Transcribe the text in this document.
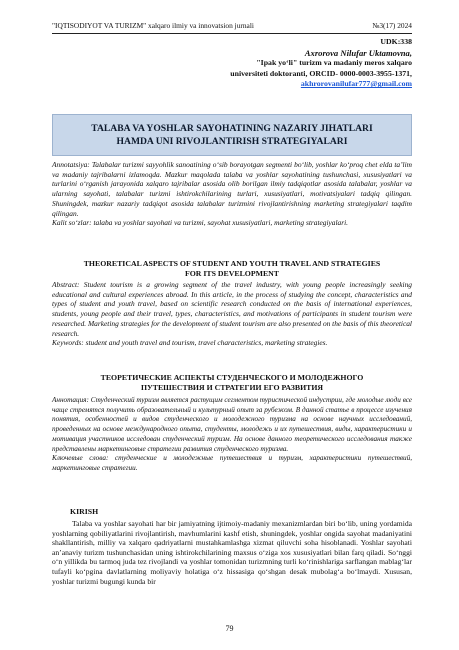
"IQTISODIYOT VA TURIZM" xalqaro ilmiy va innovatsion jurnali	№3(17) 2024
UDK:338
Axrorova Nilufar Uktamovna,
"Ipak yo‘li" turizm va madaniy meros xalqaro
universiteti doktoranti, ORCID- 0000-0003-3955-1371,
akhrorovanilufar777@gmail.com
TALABA VA YOSHLAR SAYOHATINING NAZARIY JIHATLARI
HAMDA UNI RIVOJLANTIRISH STRATEGIYALARI

Annotatsiya: Talabalar turizmi sayyohlik sanoatining o‘sib borayotgan segmenti bo‘lib, yoshlar ko‘proq chet elda ta’lim va madaniy tajribalarni izlamoqda. Mazkur maqolada talaba va yoshlar sayohatining tushunchasi, xususiyatlari va turlarini o‘rganish jarayonida xalqaro tajribalar asosida olib borilgan ilmiy tadqiqotlar asosida talabalar, yoshlar va ularning sayohati, talabalar turizmi ishtirokchilarining turlari, xususiyatlari, motivatsiyalari tadqiq qilingan. Shuningdek, mazkur nazariy tadqiqot asosida talabalar turizmini rivojlantirishning marketing strategiyalari taqdim qilingan.

Kalit so‘zlar: talaba va yoshlar sayohati va turizmi, sayohat xususiyatlari, marketing strategiyalari.

THEORETICAL ASPECTS OF STUDENT AND YOUTH TRAVEL AND STRATEGIES
FOR ITS DEVELOPMENT

Abstract: Student tourism is a growing segment of the travel industry, with young people increasingly seeking educational and cultural experiences abroad. In this article, in the process of studying the concept, characteristics and types of student and youth travel, based on scientific research conducted on the basis of international experiences, students, young people and their travel, types, characteristics, and motivations of participants in student tourism were researched. Marketing strategies for the development of student tourism are also presented on the basis of this theoretical research.

Keywords: student and youth travel and tourism, travel characteristics, marketing strategies.

ТЕОРЕТИЧЕСКИЕ АСПЕКТЫ СТУДЕНЧЕСКОГО И МОЛОДЕЖНОГО
ПУТЕШЕСТВИЯ И СТРАТЕГИИ ЕГО РАЗВИТИЯ

Аннотация: Студенческий туризм является растущим сегментом туристической индустрии, где молодые люди все чаще стремятся получить образовательный и культурный опыт за рубежом. В данной статье в процессе изучения понятия, особенностей и видов студенческого и молодежного туризма на основе научных исследований, проведенных на основе международного опыта, студенты, молодежь и их путешествия, виды, характеристики и мотивация участников исследован студенческий туризм. На основе данного теоретического исследования также представлены маркетинговые стратегии развития студенческого туризма.

Ключевые слова: студенческие и молодежные путешествия и туризм, характеристики путешествий, маркетинговые стратегии.

KIRISH

Talaba va yoshlar sayohati har bir jamiyatning ijtimoiy-madaniy mexanizmlardan biri bo‘lib, uning yordamida yoshlarning qobiliyatlarini rivojlantirish, mavhumlarini kashf etish, shuningdek, yoshlar ongida sayohat madaniyatini shakllantirish, milliy va xalqaro qadriyatlarni mustahkamlashga xizmat qiluvchi soha hisoblanadi. Yoshlar sayohati an’anaviy turizm tushunchasidan uning ishtirokchilarining maxsus o‘ziga xos xususiyatlari bilan farq qiladi. So‘nggi o‘n yillikda bu tarmoq juda tez rivojlandi va yoshlar tomonidan turizmning turli ko‘rinishlariga sarflangan mablag‘lar tufayli ko‘pgina davlatlarning moliyaviy holatiga o‘z hissasiga qo‘shgan desak mubolag‘a bo‘lmaydi. Xususan, yoshlar turizmi bugungi kunda bir

79
